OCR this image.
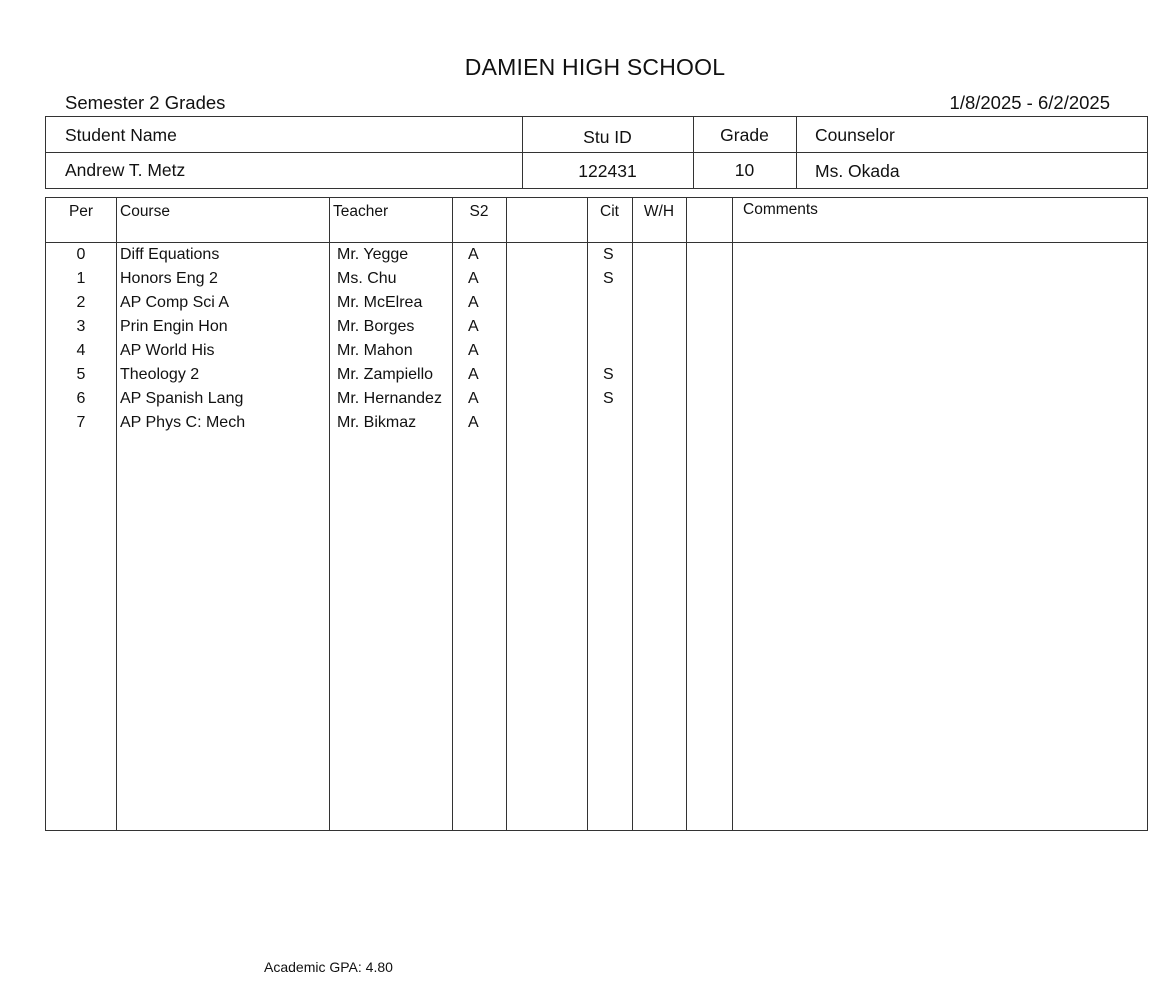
DAMIEN HIGH SCHOOL
Semester 2 Grades	1/8/2025 - 6/2/2025
Student Name	Stu ID	Grade	Counselor
Andrew T. Metz	122431	10	Ms. Okada
Per	Course	Teacher	S2	Cit	W/H	Comments
0	Diff Equations	Mr. Yegge	A	S
1	Honors Eng 2	Ms. Chu	A	S
2	AP Comp Sci A	Mr. McElrea	A
3	Prin Engin Hon	Mr. Borges	A
4	AP World His	Mr. Mahon	A
5	Theology 2	Mr. Zampiello A	S
6	AP Spanish Lang	Mr. Hernandez A	S
7	AP Phys C: Mech	Mr. Bikmaz	A
Academic GPA: 4.80
